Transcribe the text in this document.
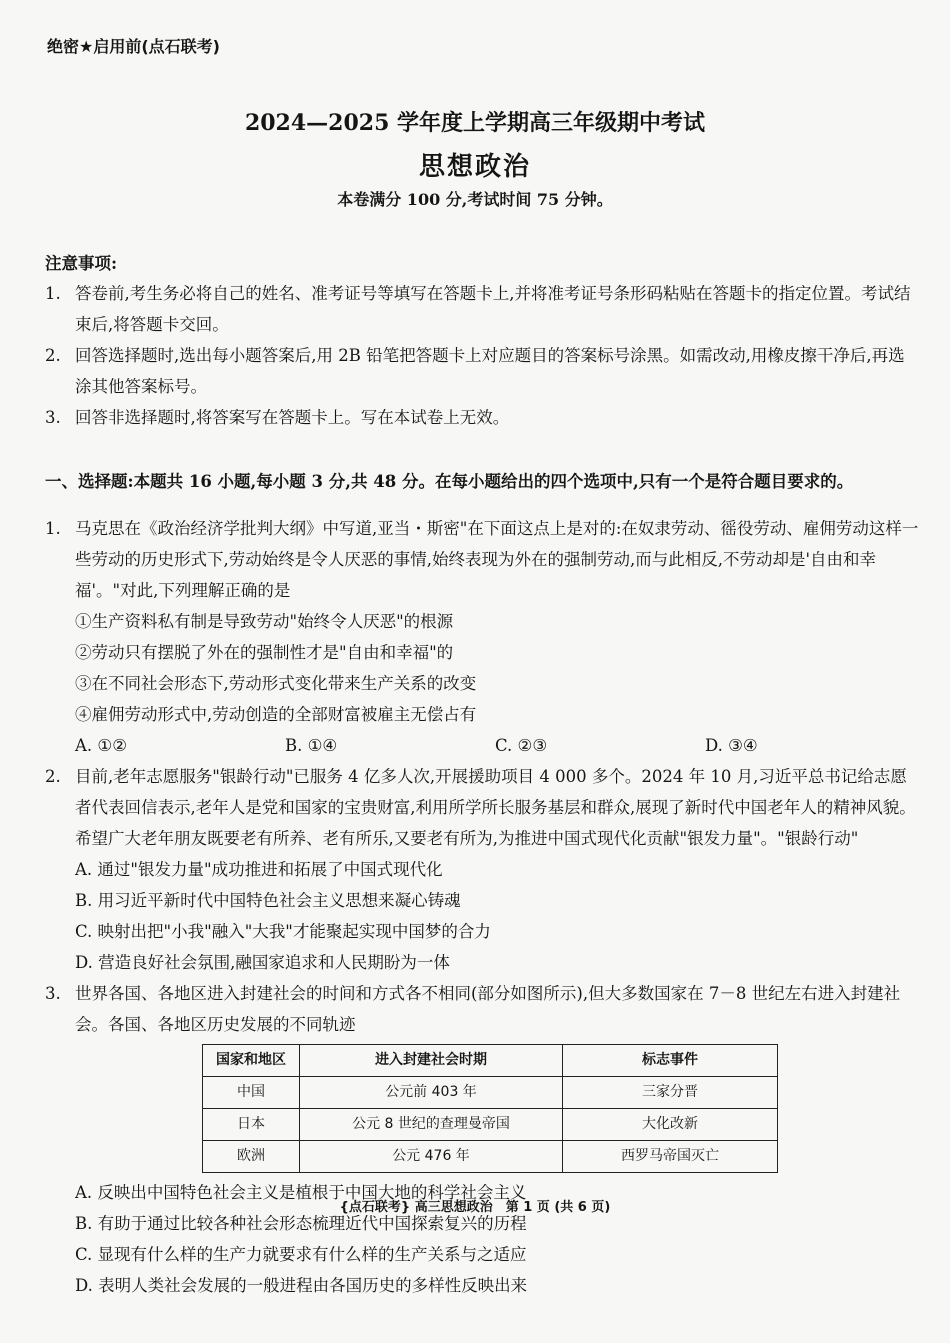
绝密★启用前(点石联考)
2024—2025 学年度上学期高三年级期中考试
思想政治
本卷满分 100 分,考试时间 75 分钟。
注意事项:
1. 答卷前,考生务必将自己的姓名、准考证号等填写在答题卡上,并将准考证号条形码粘贴在答题卡的指定位置。考试结束后,将答题卡交回。
2. 回答选择题时,选出每小题答案后,用 2B 铅笔把答题卡上对应题目的答案标号涂黑。如需改动,用橡皮擦干净后,再选涂其他答案标号。
3. 回答非选择题时,将答案写在答题卡上。写在本试卷上无效。
一、选择题:本题共 16 小题,每小题 3 分,共 48 分。在每小题给出的四个选项中,只有一个是符合题目要求的。
1. 马克思在《政治经济学批判大纲》中写道,亚当・斯密"在下面这点上是对的:在奴隶劳动、徭役劳动、雇佣劳动这样一些劳动的历史形式下,劳动始终是令人厌恶的事情,始终表现为外在的强制劳动,而与此相反,不劳动却是'自由和幸福'。"对此,下列理解正确的是
①生产资料私有制是导致劳动"始终令人厌恶"的根源
②劳动只有摆脱了外在的强制性才是"自由和幸福"的
③在不同社会形态下,劳动形式变化带来生产关系的改变
④雇佣劳动形式中,劳动创造的全部财富被雇主无偿占有
A. ①②	B. ①④	C. ②③	D. ③④
2. 目前,老年志愿服务"银龄行动"已服务 4 亿多人次,开展援助项目 4 000 多个。2024 年 10 月,习近平总书记给志愿者代表回信表示,老年人是党和国家的宝贵财富,利用所学所长服务基层和群众,展现了新时代中国老年人的精神风貌。希望广大老年朋友既要老有所养、老有所乐,又要老有所为,为推进中国式现代化贡献"银发力量"。"银龄行动"
A. 通过"银发力量"成功推进和拓展了中国式现代化
B. 用习近平新时代中国特色社会主义思想来凝心铸魂
C. 映射出把"小我"融入"大我"才能聚起实现中国梦的合力
D. 营造良好社会氛围,融国家追求和人民期盼为一体
3. 世界各国、各地区进入封建社会的时间和方式各不相同(部分如图所示),但大多数国家在 7－8 世纪左右进入封建社会。各国、各地区历史发展的不同轨迹
国家和地区	进入封建社会时期	标志事件
中国	公元前 403 年	三家分晋
日本	公元 8 世纪的查理曼帝国	大化改新
欧洲	公元 476 年	西罗马帝国灭亡
A. 反映出中国特色社会主义是植根于中国大地的科学社会主义
B. 有助于通过比较各种社会形态梳理近代中国探索复兴的历程
C. 显现有什么样的生产力就要求有什么样的生产关系与之适应
D. 表明人类社会发展的一般进程由各国历史的多样性反映出来
{点石联考} 高三思想政治　第 1 页 (共 6 页)
